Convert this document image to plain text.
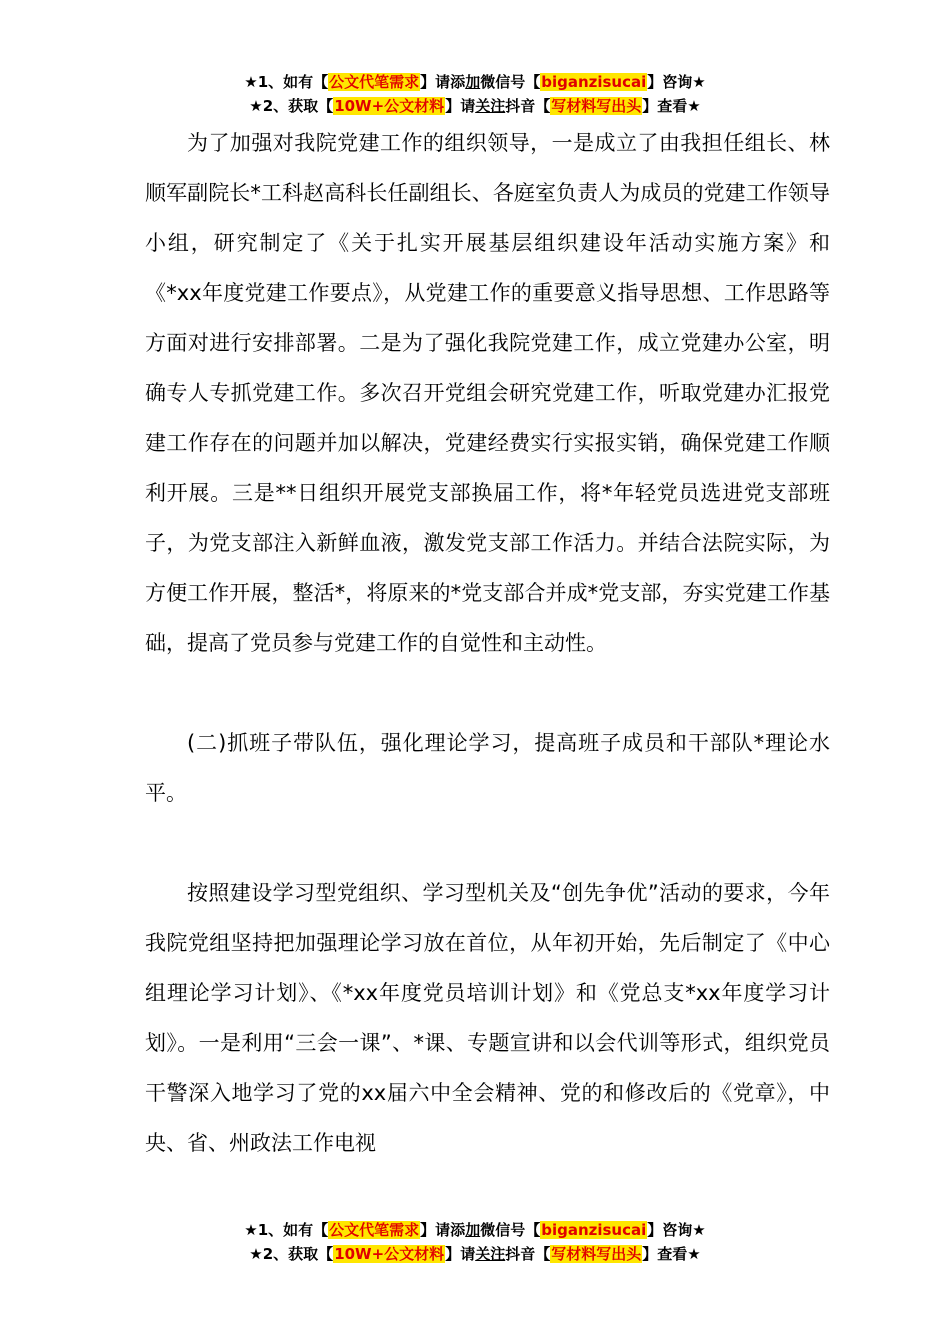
★1、如有【公文代笔需求】请添加微信号【biganzisucai】咨询★
★2、获取【10W+公文材料】请关注抖音【写材料写出头】查看★

为了加强对我院党建工作的组织领导，一是成立了由我担任组长、林顺军副院长*工科赵高科长任副组长、各庭室负责人为成员的党建工作领导小组，研究制定了《关于扎实开展基层组织建设年活动实施方案》和《*xx年度党建工作要点》，从党建工作的重要意义指导思想、工作思路等方面对进行安排部署。二是为了强化我院党建工作，成立党建办公室，明确专人专抓党建工作。多次召开党组会研究党建工作，听取党建办汇报党建工作存在的问题并加以解决，党建经费实行实报实销，确保党建工作顺利开展。三是**日组织开展党支部换届工作，将*年轻党员选进党支部班子，为党支部注入新鲜血液，激发党支部工作活力。并结合法院实际，为方便工作开展，整活*，将原来的*党支部合并成*党支部，夯实党建工作基础，提高了党员参与党建工作的自觉性和主动性。

(二)抓班子带队伍，强化理论学习，提高班子成员和干部队*理论水平。

按照建设学习型党组织、学习型机关及“创先争优”活动的要求，今年我院党组坚持把加强理论学习放在首位，从年初开始，先后制定了《中心组理论学习计划》、《*xx年度党员培训计划》和《党总支*xx年度学习计划》。一是利用“三会一课”、*课、专题宣讲和以会代训等形式，组织党员干警深入地学习了党的xx届六中全会精神、党的和修改后的《党章》，中央、省、州政法工作电视

★1、如有【公文代笔需求】请添加微信号【biganzisucai】咨询★
★2、获取【10W+公文材料】请关注抖音【写材料写出头】查看★
